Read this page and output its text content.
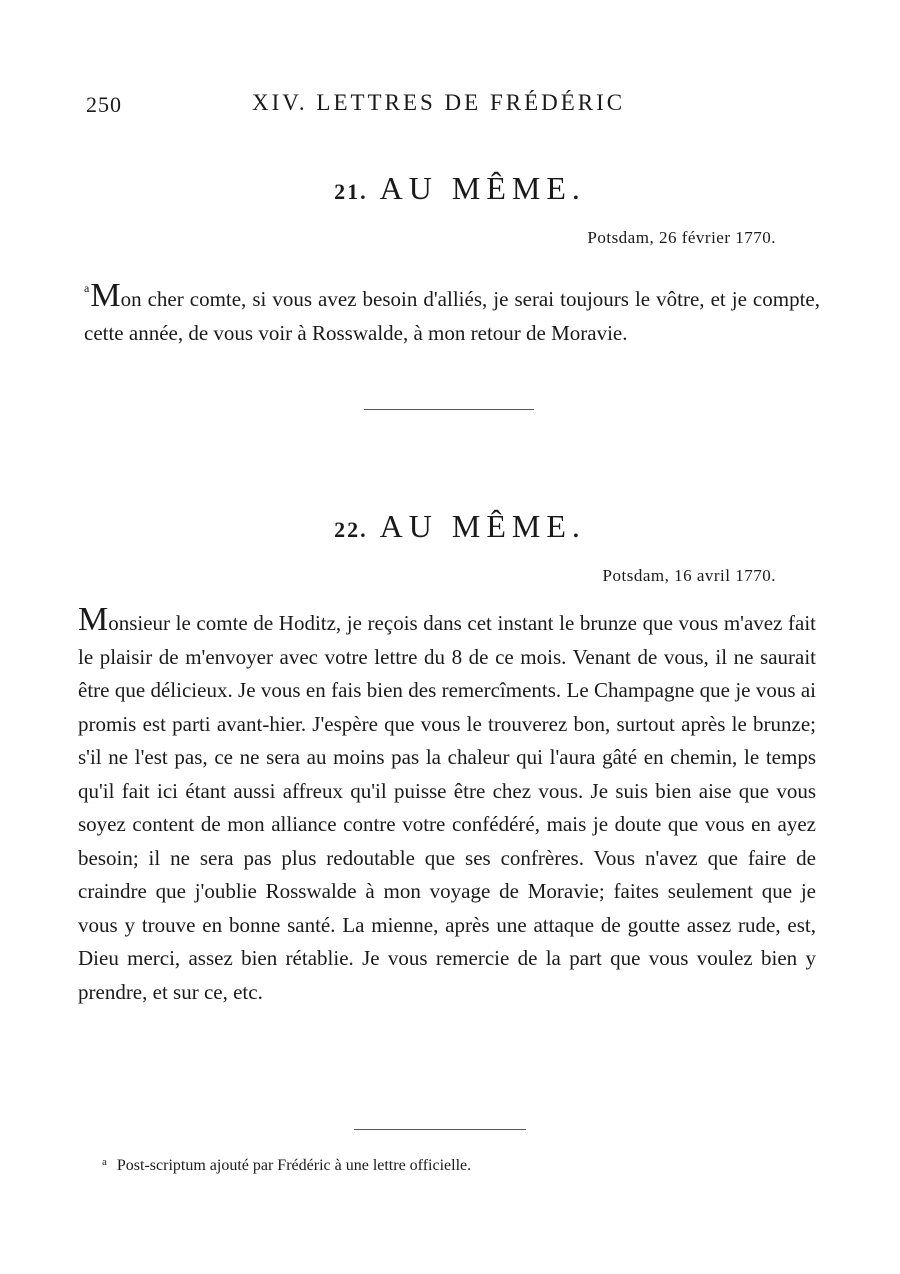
250	XIV. LETTRES DE FRÉDÉRIC
21. AU MÊME.
Potsdam, 26 février 1770.
$^a$Mon cher comte, si vous avez besoin d'alliés, je serai toujours le vôtre, et je compte, cette année, de vous voir à Rosswalde, à mon retour de Moravie.
22. AU MÊME.
Potsdam, 16 avril 1770.
Monsieur le comte de Hoditz, je reçois dans cet instant le brunze que vous m'avez fait le plaisir de m'envoyer avec votre lettre du 8 de ce mois. Venant de vous, il ne saurait être que délicieux. Je vous en fais bien des remercîments. Le Champagne que je vous ai promis est parti avant-hier. J'espère que vous le trouverez bon, surtout après le brunze; s'il ne l'est pas, ce ne sera au moins pas la chaleur qui l'aura gâté en chemin, le temps qu'il fait ici étant aussi affreux qu'il puisse être chez vous. Je suis bien aise que vous soyez content de mon alliance contre votre confédéré, mais je doute que vous en ayez besoin; il ne sera pas plus redoutable que ses confrères. Vous n'avez que faire de craindre que j'oublie Rosswalde à mon voyage de Moravie; faites seulement que je vous y trouve en bonne santé. La mienne, après une attaque de goutte assez rude, est, Dieu merci, assez bien rétablie. Je vous remercie de la part que vous voulez bien y prendre, et sur ce, etc.
$^a$ Post-scriptum ajouté par Frédéric à une lettre officielle.
